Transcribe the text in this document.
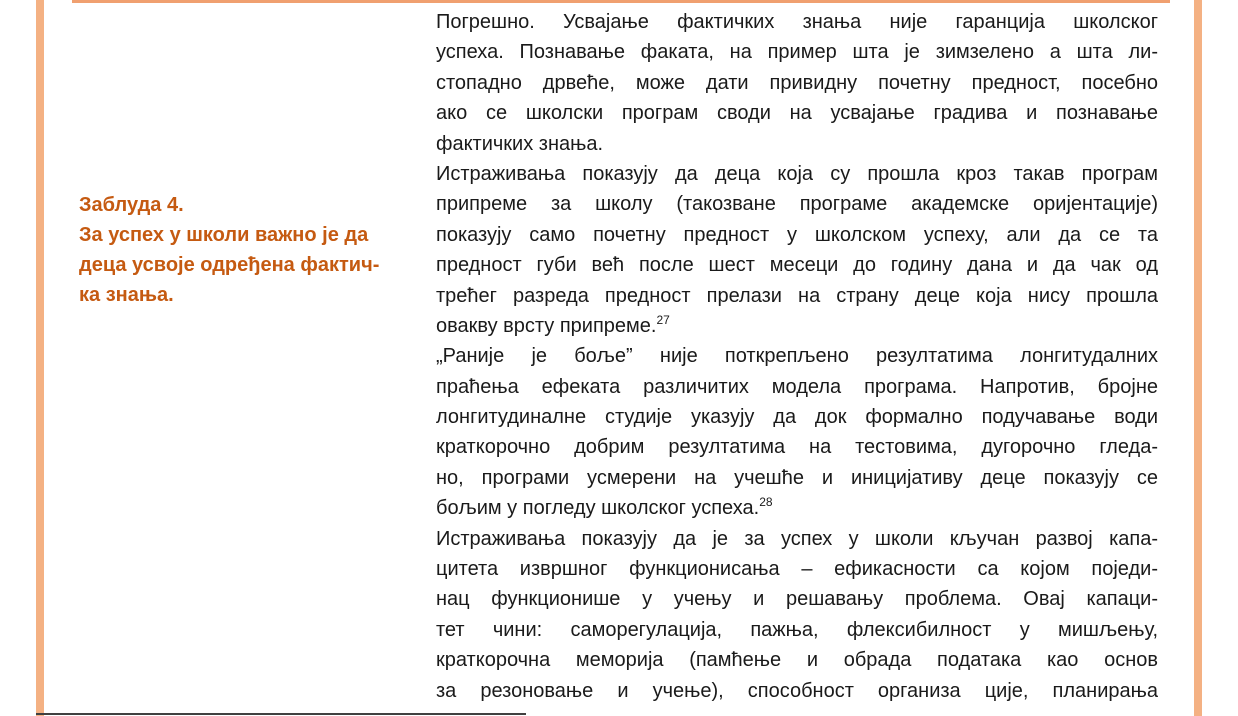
Заблуда 4.
За успех у школи важно је да
деца усвоје одређена фактич-
ка знања.
Погрешно. Усвајање фактичких знања није гаранција школског
успеха. Познавање факата, на пример шта је зимзелено а шта ли-
стопадно дрвеће, може дати привидну почетну предност, посебно
ако се школски програм своди на усвајање градива и познавање
фактичких знања.
Истраживања показују да деца која су прошла кроз такав програм
припреме за школу (такозване програме академске оријентације)
показују само почетну предност у школском успеху, али да се та
предност губи већ после шест месеци до годину дана и да чак од
трећег разреда предност прелази на страну деце која нису прошла
овакву врсту припреме.$^{27}$
„Раније је боље” није поткрепљено резултатима лонгитудалних
праћења ефеката различитих модела програма. Напротив, бројне
лонгитудиналне студије указују да док формално подучавање води
краткорочно добрим резултатима на тестовима, дугорочно гледа-
но, програми усмерени на учешће и иницијативу деце показују се
бољим у погледу школског успеха.$^{28}$
Истраживања показују да је за успех у школи кључан развој капа-
цитета извршног функционисања – ефикасности са којом поједи-
нац функционише у учењу и решавању проблема. Овај капаци-
тет чини: саморегулација, пажња, флексибилност у мишљењу,
краткорочна меморија (памћење и обрада података као основ
за резоновање и учење), способност организа ције, планирања
